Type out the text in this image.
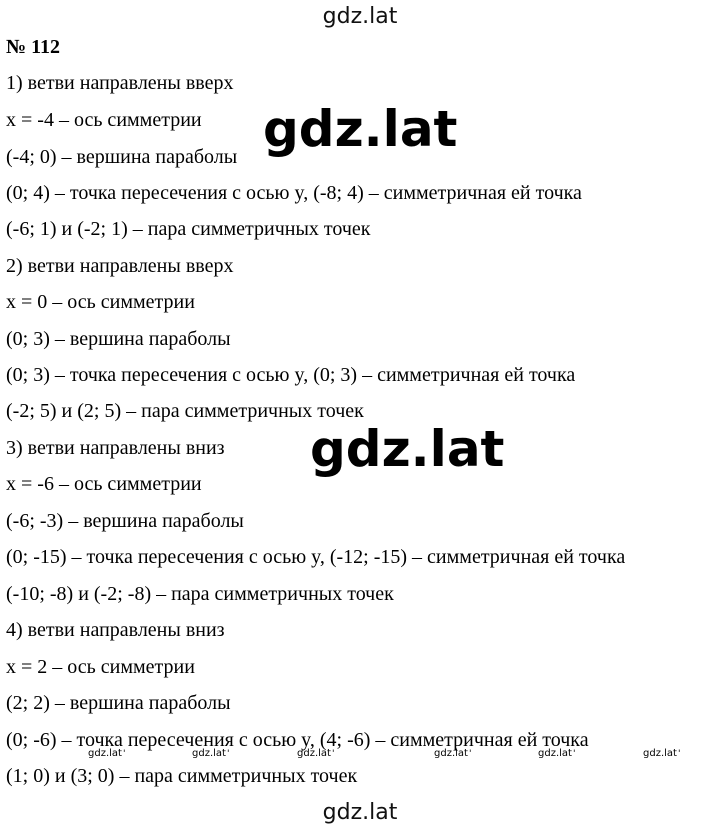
gdz.lat
№ 112
1) ветви направлены вверх
x = -4 – ось симметрии
(-4; 0) – вершина параболы
(0; 4) – точка пересечения с осью y, (-8; 4) – симметричная ей точка
(-6; 1) и (-2; 1) – пара симметричных точек
2) ветви направлены вверх
x = 0 – ось симметрии
(0; 3) – вершина параболы
(0; 3) – точка пересечения с осью y, (0; 3) – симметричная ей точка
(-2; 5) и (2; 5) – пара симметричных точек
3) ветви направлены вниз
x = -6 – ось симметрии
(-6; -3) – вершина параболы
(0; -15) – точка пересечения с осью y, (-12; -15) – симметричная ей точка
(-10; -8) и (-2; -8) – пара симметричных точек
4) ветви направлены вниз
x = 2 – ось симметрии
(2; 2) – вершина параболы
(0; -6) – точка пересечения с осью y, (4; -6) – симметричная ей точка
(1; 0) и (3; 0) – пара симметричных точек
gdz.lat
gdz.lat
gdz.lat '	gdz.lat '	gdz.lat '	gdz.lat '	gdz.lat '	gdz.lat '
gdz.lat
